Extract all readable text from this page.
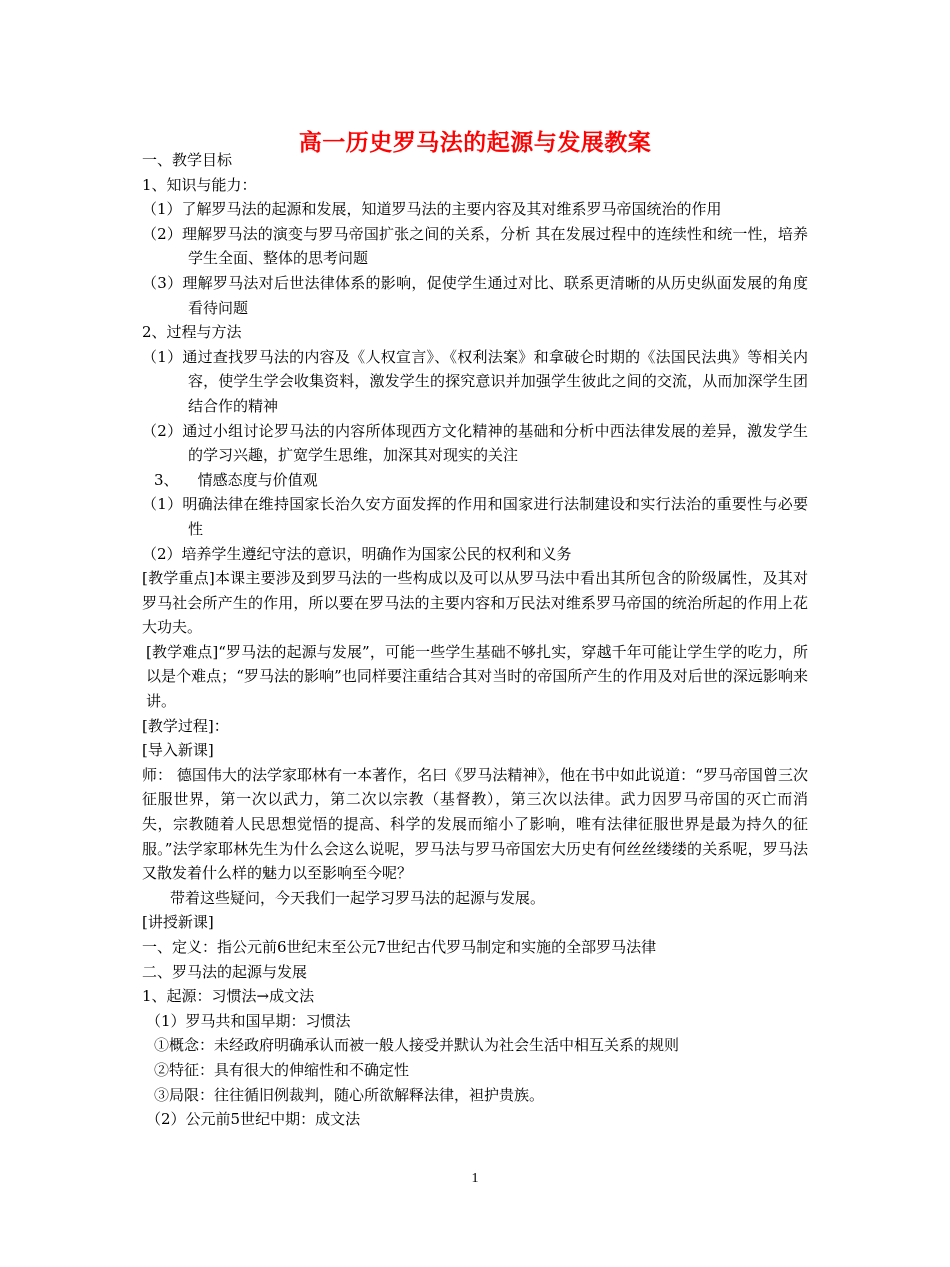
高一历史罗马法的起源与发展教案

一、教学目标

1、知识与能力：

（1）了解罗马法的起源和发展，知道罗马法的主要内容及其对维系罗马帝国统治的作用

（2）理解罗马法的演变与罗马帝国扩张之间的关系，分析 其在发展过程中的连续性和统一性，培养学生全面、整体的思考问题

（3）理解罗马法对后世法律体系的影响，促使学生通过对比、联系更清晰的从历史纵面发展的角度看待问题

2、过程与方法

（1）通过查找罗马法的内容及《人权宣言》、《权利法案》和拿破仑时期的《法国民法典》等相关内容，使学生学会收集资料，激发学生的探究意识并加强学生彼此之间的交流，从而加深学生团结合作的精神

（2）通过小组讨论罗马法的内容所体现西方文化精神的基础和分析中西法律发展的差异，激发学生的学习兴趣，扩宽学生思维，加深其对现实的关注

3、    情感态度与价值观

（1）明确法律在维持国家长治久安方面发挥的作用和国家进行法制建设和实行法治的重要性与必要性

（2）培养学生遵纪守法的意识，明确作为国家公民的权利和义务

[教学重点]本课主要涉及到罗马法的一些构成以及可以从罗马法中看出其所包含的阶级属性，及其对罗马社会所产生的作用，所以要在罗马法的主要内容和万民法对维系罗马帝国的统治所起的作用上花大功夫。

[教学难点]“罗马法的起源与发展”，可能一些学生基础不够扎实，穿越千年可能让学生学的吃力，所以是个难点；“罗马法的影响”也同样要注重结合其对当时的帝国所产生的作用及对后世的深远影响来讲。

[教学过程]：

[导入新课]

师： 德国伟大的法学家耶林有一本著作，名曰《罗马法精神》，他在书中如此说道：“罗马帝国曾三次征服世界，第一次以武力，第二次以宗教（基督教），第三次以法律。武力因罗马帝国的灭亡而消失，宗教随着人民思想觉悟的提高、科学的发展而缩小了影响，唯有法律征服世界是最为持久的征服。”法学家耶林先生为什么会这么说呢，罗马法与罗马帝国宏大历史有何丝丝缕缕的关系呢，罗马法又散发着什么样的魅力以至影响至今呢？

带着这些疑问，今天我们一起学习罗马法的起源与发展。

[讲授新课]

一、定义：指公元前6世纪末至公元7世纪古代罗马制定和实施的全部罗马法律

二、罗马法的起源与发展

1、起源：习惯法→成文法

（1）罗马共和国早期：习惯法

①概念：未经政府明确承认而被一般人接受并默认为社会生活中相互关系的规则

②特征：具有很大的伸缩性和不确定性

③局限：往往循旧例裁判，随心所欲解释法律，袒护贵族。

（2）公元前5世纪中期：成文法

1
